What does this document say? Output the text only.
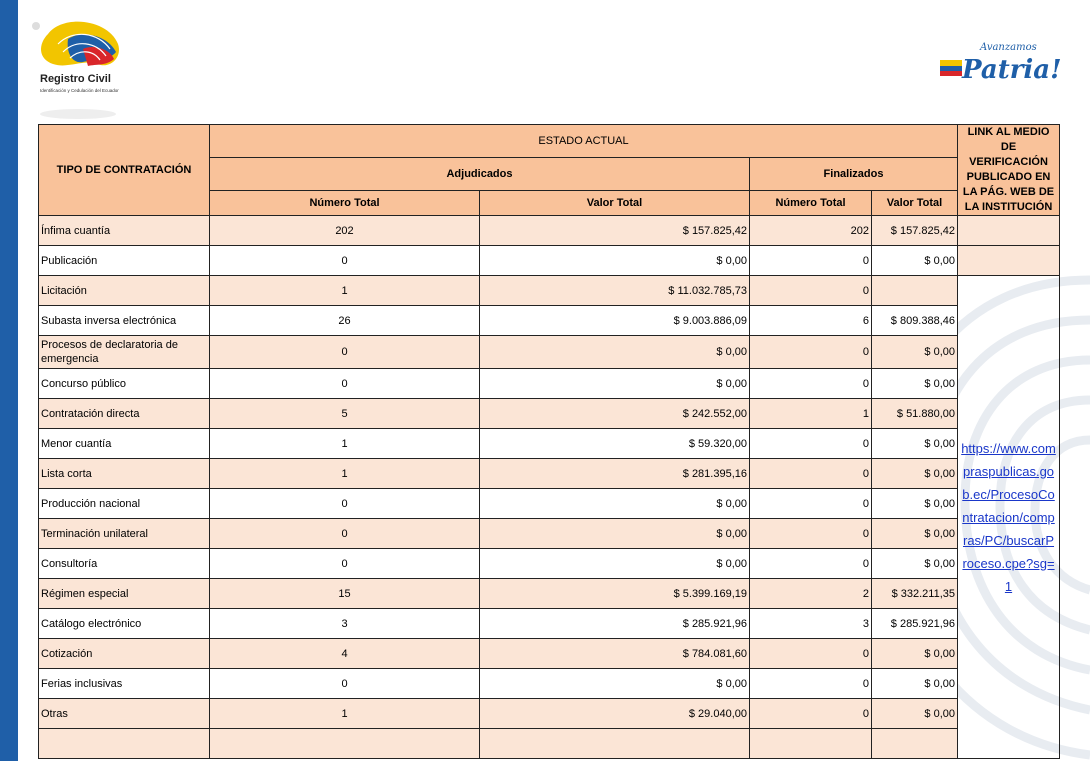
Registro Civil
Identificación y Cedulación del Ecuador
Avanzamos
Patria!
TIPO DE CONTRATACIÓN	ESTADO ACTUAL				LINK AL MEDIO DE VERIFICACIÓN PUBLICADO EN LA PÁG. WEB DE LA INSTITUCIÓN
	Adjudicados		Finalizados		
	Número Total	Valor Total	Número Total	Valor Total	
Ínfima cuantía	202	$ 157.825,42	202	$ 157.825,42	
Publicación	0	$ 0,00	0	$ 0,00	
Licitación	1	$ 11.032.785,73	0		https://www.compraspublicas.gob.ec/ProcesoContratacion/compras/PC/buscarProceso.cpe?sg=1

Subasta inversa electrónica	26	$ 9.003.886,09	6	$ 809.388,46	
Procesos de declaratoria de emergencia	0	$ 0,00	0	$ 0,00	
Concurso público	0	$ 0,00	0	$ 0,00	
Contratación directa	5	$ 242.552,00	1	$ 51.880,00	
Menor cuantía	1	$ 59.320,00	0	$ 0,00	
Lista corta	1	$ 281.395,16	0	$ 0,00	
Producción nacional	0	$ 0,00	0	$ 0,00	
Terminación unilateral	0	$ 0,00	0	$ 0,00	
Consultoría	0	$ 0,00	0	$ 0,00	
Régimen especial	15	$ 5.399.169,19	2	$ 332.211,35	
Catálogo electrónico	3	$ 285.921,96	3	$ 285.921,96	
Cotización	4	$ 784.081,60	0	$ 0,00	
Ferias inclusivas	0	$ 0,00	0	$ 0,00	
Otras	1	$ 29.040,00	0	$ 0,00	
